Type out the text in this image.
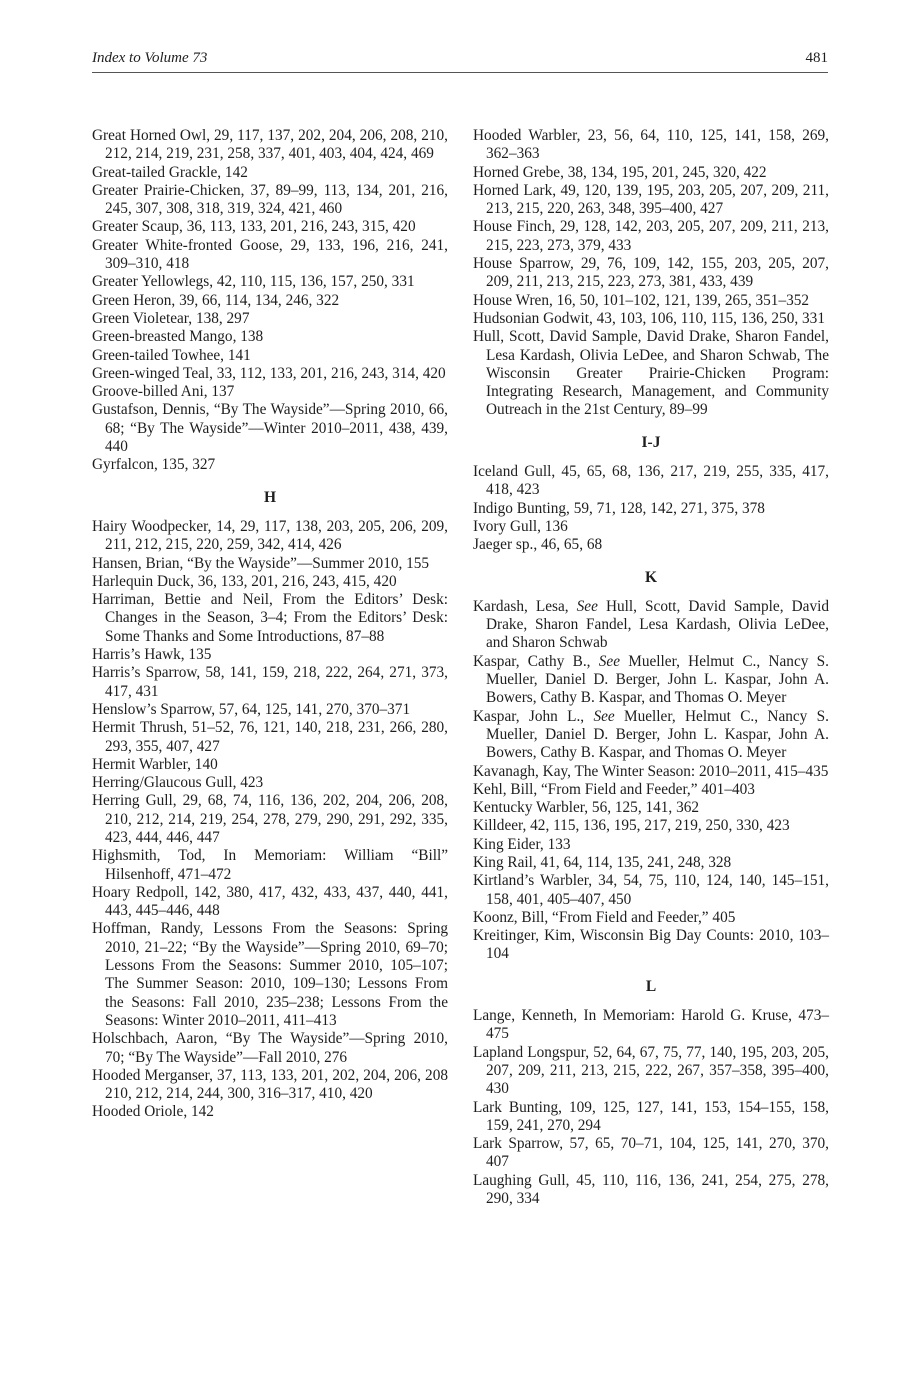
Index to Volume 73	481

Great Horned Owl, 29, 117, 137, 202, 204, 206, 208, 210, 212, 214, 219, 231, 258, 337, 401, 403, 404, 424, 469

Great-tailed Grackle, 142

Greater Prairie-Chicken, 37, 89–99, 113, 134, 201, 216, 245, 307, 308, 318, 319, 324, 421, 460

Greater Scaup, 36, 113, 133, 201, 216, 243, 315, 420

Greater White-fronted Goose, 29, 133, 196, 216, 241, 309–310, 418

Greater Yellowlegs, 42, 110, 115, 136, 157, 250, 331

Green Heron, 39, 66, 114, 134, 246, 322

Green Violetear, 138, 297

Green-breasted Mango, 138

Green-tailed Towhee, 141

Green-winged Teal, 33, 112, 133, 201, 216, 243, 314, 420

Groove-billed Ani, 137

Gustafson, Dennis, “By The Wayside”—Spring 2010, 66, 68; “By The Wayside”—Winter 2010–2011, 438, 439, 440

Gyrfalcon, 135, 327

H

Hairy Woodpecker, 14, 29, 117, 138, 203, 205, 206, 209, 211, 212, 215, 220, 259, 342, 414, 426

Hansen, Brian, “By the Wayside”—Summer 2010, 155

Harlequin Duck, 36, 133, 201, 216, 243, 415, 420

Harriman, Bettie and Neil, From the Editors’ Desk: Changes in the Season, 3–4; From the Editors’ Desk: Some Thanks and Some Introductions, 87–88

Harris’s Hawk, 135

Harris’s Sparrow, 58, 141, 159, 218, 222, 264, 271, 373, 417, 431

Henslow’s Sparrow, 57, 64, 125, 141, 270, 370–371

Hermit Thrush, 51–52, 76, 121, 140, 218, 231, 266, 280, 293, 355, 407, 427

Hermit Warbler, 140

Herring/Glaucous Gull, 423

Herring Gull, 29, 68, 74, 116, 136, 202, 204, 206, 208, 210, 212, 214, 219, 254, 278, 279, 290, 291, 292, 335, 423, 444, 446, 447

Highsmith, Tod, In Memoriam: William “Bill” Hilsenhoff, 471–472

Hoary Redpoll, 142, 380, 417, 432, 433, 437, 440, 441, 443, 445–446, 448

Hoffman, Randy, Lessons From the Seasons: Spring 2010, 21–22; “By the Wayside”—Spring 2010, 69–70; Lessons From the Seasons: Summer 2010, 105–107; The Summer Season: 2010, 109–130; Lessons From the Seasons: Fall 2010, 235–238; Lessons From the Seasons: Winter 2010–2011, 411–413

Holschbach, Aaron, “By The Wayside”—Spring 2010, 70; “By The Wayside”—Fall 2010, 276

Hooded Merganser, 37, 113, 133, 201, 202, 204, 206, 208 210, 212, 214, 244, 300, 316–317, 410, 420

Hooded Oriole, 142

Hooded Warbler, 23, 56, 64, 110, 125, 141, 158, 269, 362–363

Horned Grebe, 38, 134, 195, 201, 245, 320, 422

Horned Lark, 49, 120, 139, 195, 203, 205, 207, 209, 211, 213, 215, 220, 263, 348, 395–400, 427

House Finch, 29, 128, 142, 203, 205, 207, 209, 211, 213, 215, 223, 273, 379, 433

House Sparrow, 29, 76, 109, 142, 155, 203, 205, 207, 209, 211, 213, 215, 223, 273, 381, 433, 439

House Wren, 16, 50, 101–102, 121, 139, 265, 351–352

Hudsonian Godwit, 43, 103, 106, 110, 115, 136, 250, 331

Hull, Scott, David Sample, David Drake, Sharon Fandel, Lesa Kardash, Olivia LeDee, and Sharon Schwab, The Wisconsin Greater Prairie-Chicken Program: Integrating Research, Management, and Community Outreach in the 21st Century, 89–99

I-J

Iceland Gull, 45, 65, 68, 136, 217, 219, 255, 335, 417, 418, 423

Indigo Bunting, 59, 71, 128, 142, 271, 375, 378

Ivory Gull, 136

Jaeger sp., 46, 65, 68

K

Kardash, Lesa, See Hull, Scott, David Sample, David Drake, Sharon Fandel, Lesa Kardash, Olivia LeDee, and Sharon Schwab

Kaspar, Cathy B., See Mueller, Helmut C., Nancy S. Mueller, Daniel D. Berger, John L. Kaspar, John A. Bowers, Cathy B. Kaspar, and Thomas O. Meyer

Kaspar, John L., See Mueller, Helmut C., Nancy S. Mueller, Daniel D. Berger, John L. Kaspar, John A. Bowers, Cathy B. Kaspar, and Thomas O. Meyer

Kavanagh, Kay, The Winter Season: 2010–2011, 415–435

Kehl, Bill, “From Field and Feeder,” 401–403

Kentucky Warbler, 56, 125, 141, 362

Killdeer, 42, 115, 136, 195, 217, 219, 250, 330, 423

King Eider, 133

King Rail, 41, 64, 114, 135, 241, 248, 328

Kirtland’s Warbler, 34, 54, 75, 110, 124, 140, 145–151, 158, 401, 405–407, 450

Koonz, Bill, “From Field and Feeder,” 405

Kreitinger, Kim, Wisconsin Big Day Counts: 2010, 103–104

L

Lange, Kenneth, In Memoriam: Harold G. Kruse, 473–475

Lapland Longspur, 52, 64, 67, 75, 77, 140, 195, 203, 205, 207, 209, 211, 213, 215, 222, 267, 357–358, 395–400, 430

Lark Bunting, 109, 125, 127, 141, 153, 154–155, 158, 159, 241, 270, 294

Lark Sparrow, 57, 65, 70–71, 104, 125, 141, 270, 370, 407

Laughing Gull, 45, 110, 116, 136, 241, 254, 275, 278, 290, 334
